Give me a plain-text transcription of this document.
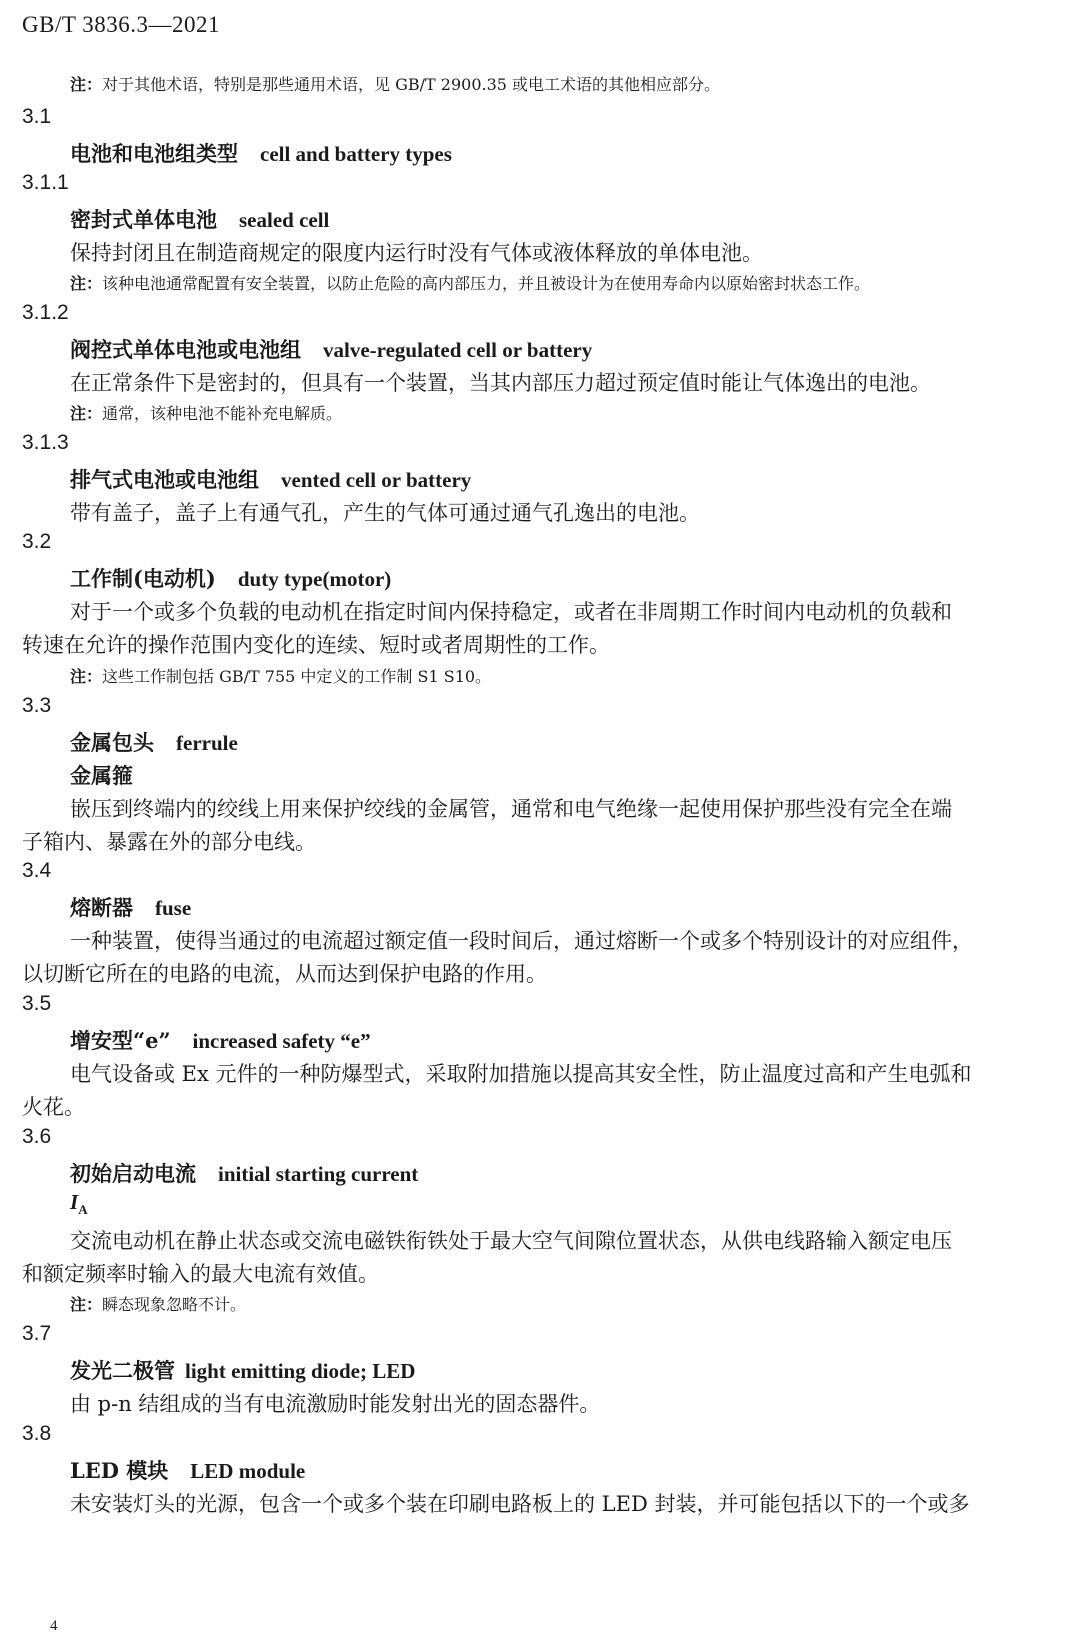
GB/T 3836.3—2021
注：对于其他术语，特别是那些通用术语，见 GB/T 2900.35 或电工术语的其他相应部分。
3.1
电池和电池组类型 cell and battery types
3.1.1
密封式单体电池 sealed cell
保持封闭且在制造商规定的限度内运行时没有气体或液体释放的单体电池。
注：该种电池通常配置有安全装置，以防止危险的高内部压力，并且被设计为在使用寿命内以原始密封状态工作。
3.1.2
阀控式单体电池或电池组 valve-regulated cell or battery
在正常条件下是密封的，但具有一个装置，当其内部压力超过预定值时能让气体逸出的电池。
注：通常，该种电池不能补充电解质。
3.1.3
排气式电池或电池组 vented cell or battery
带有盖子，盖子上有通气孔，产生的气体可通过通气孔逸出的电池。
3.2
工作制(电动机) duty type(motor)
对于一个或多个负载的电动机在指定时间内保持稳定，或者在非周期工作时间内电动机的负载和
转速在允许的操作范围内变化的连续、短时或者周期性的工作。
注：这些工作制包括 GB/T 755 中定义的工作制 S1 S10。
3.3
金属包头 ferrule
金属箍
嵌压到终端内的绞线上用来保护绞线的金属管，通常和电气绝缘一起使用保护那些没有完全在端
子箱内、暴露在外的部分电线。
3.4
熔断器 fuse
一种装置，使得当通过的电流超过额定值一段时间后，通过熔断一个或多个特别设计的对应组件，
以切断它所在的电路的电流，从而达到保护电路的作用。
3.5
增安型“e” increased safety “e”
电气设备或 Ex 元件的一种防爆型式，采取附加措施以提高其安全性，防止温度过高和产生电弧和
火花。
3.6
初始启动电流 initial starting current
$I_A$
交流电动机在静止状态或交流电磁铁衔铁处于最大空气间隙位置状态，从供电线路输入额定电压
和额定频率时输入的最大电流有效值。
注：瞬态现象忽略不计。
3.7
发光二极管 light emitting diode; LED
由 p-n 结组成的当有电流激励时能发射出光的固态器件。
3.8
LED 模块 LED module
未安装灯头的光源，包含一个或多个装在印刷电路板上的 LED 封装，并可能包括以下的一个或多
4
